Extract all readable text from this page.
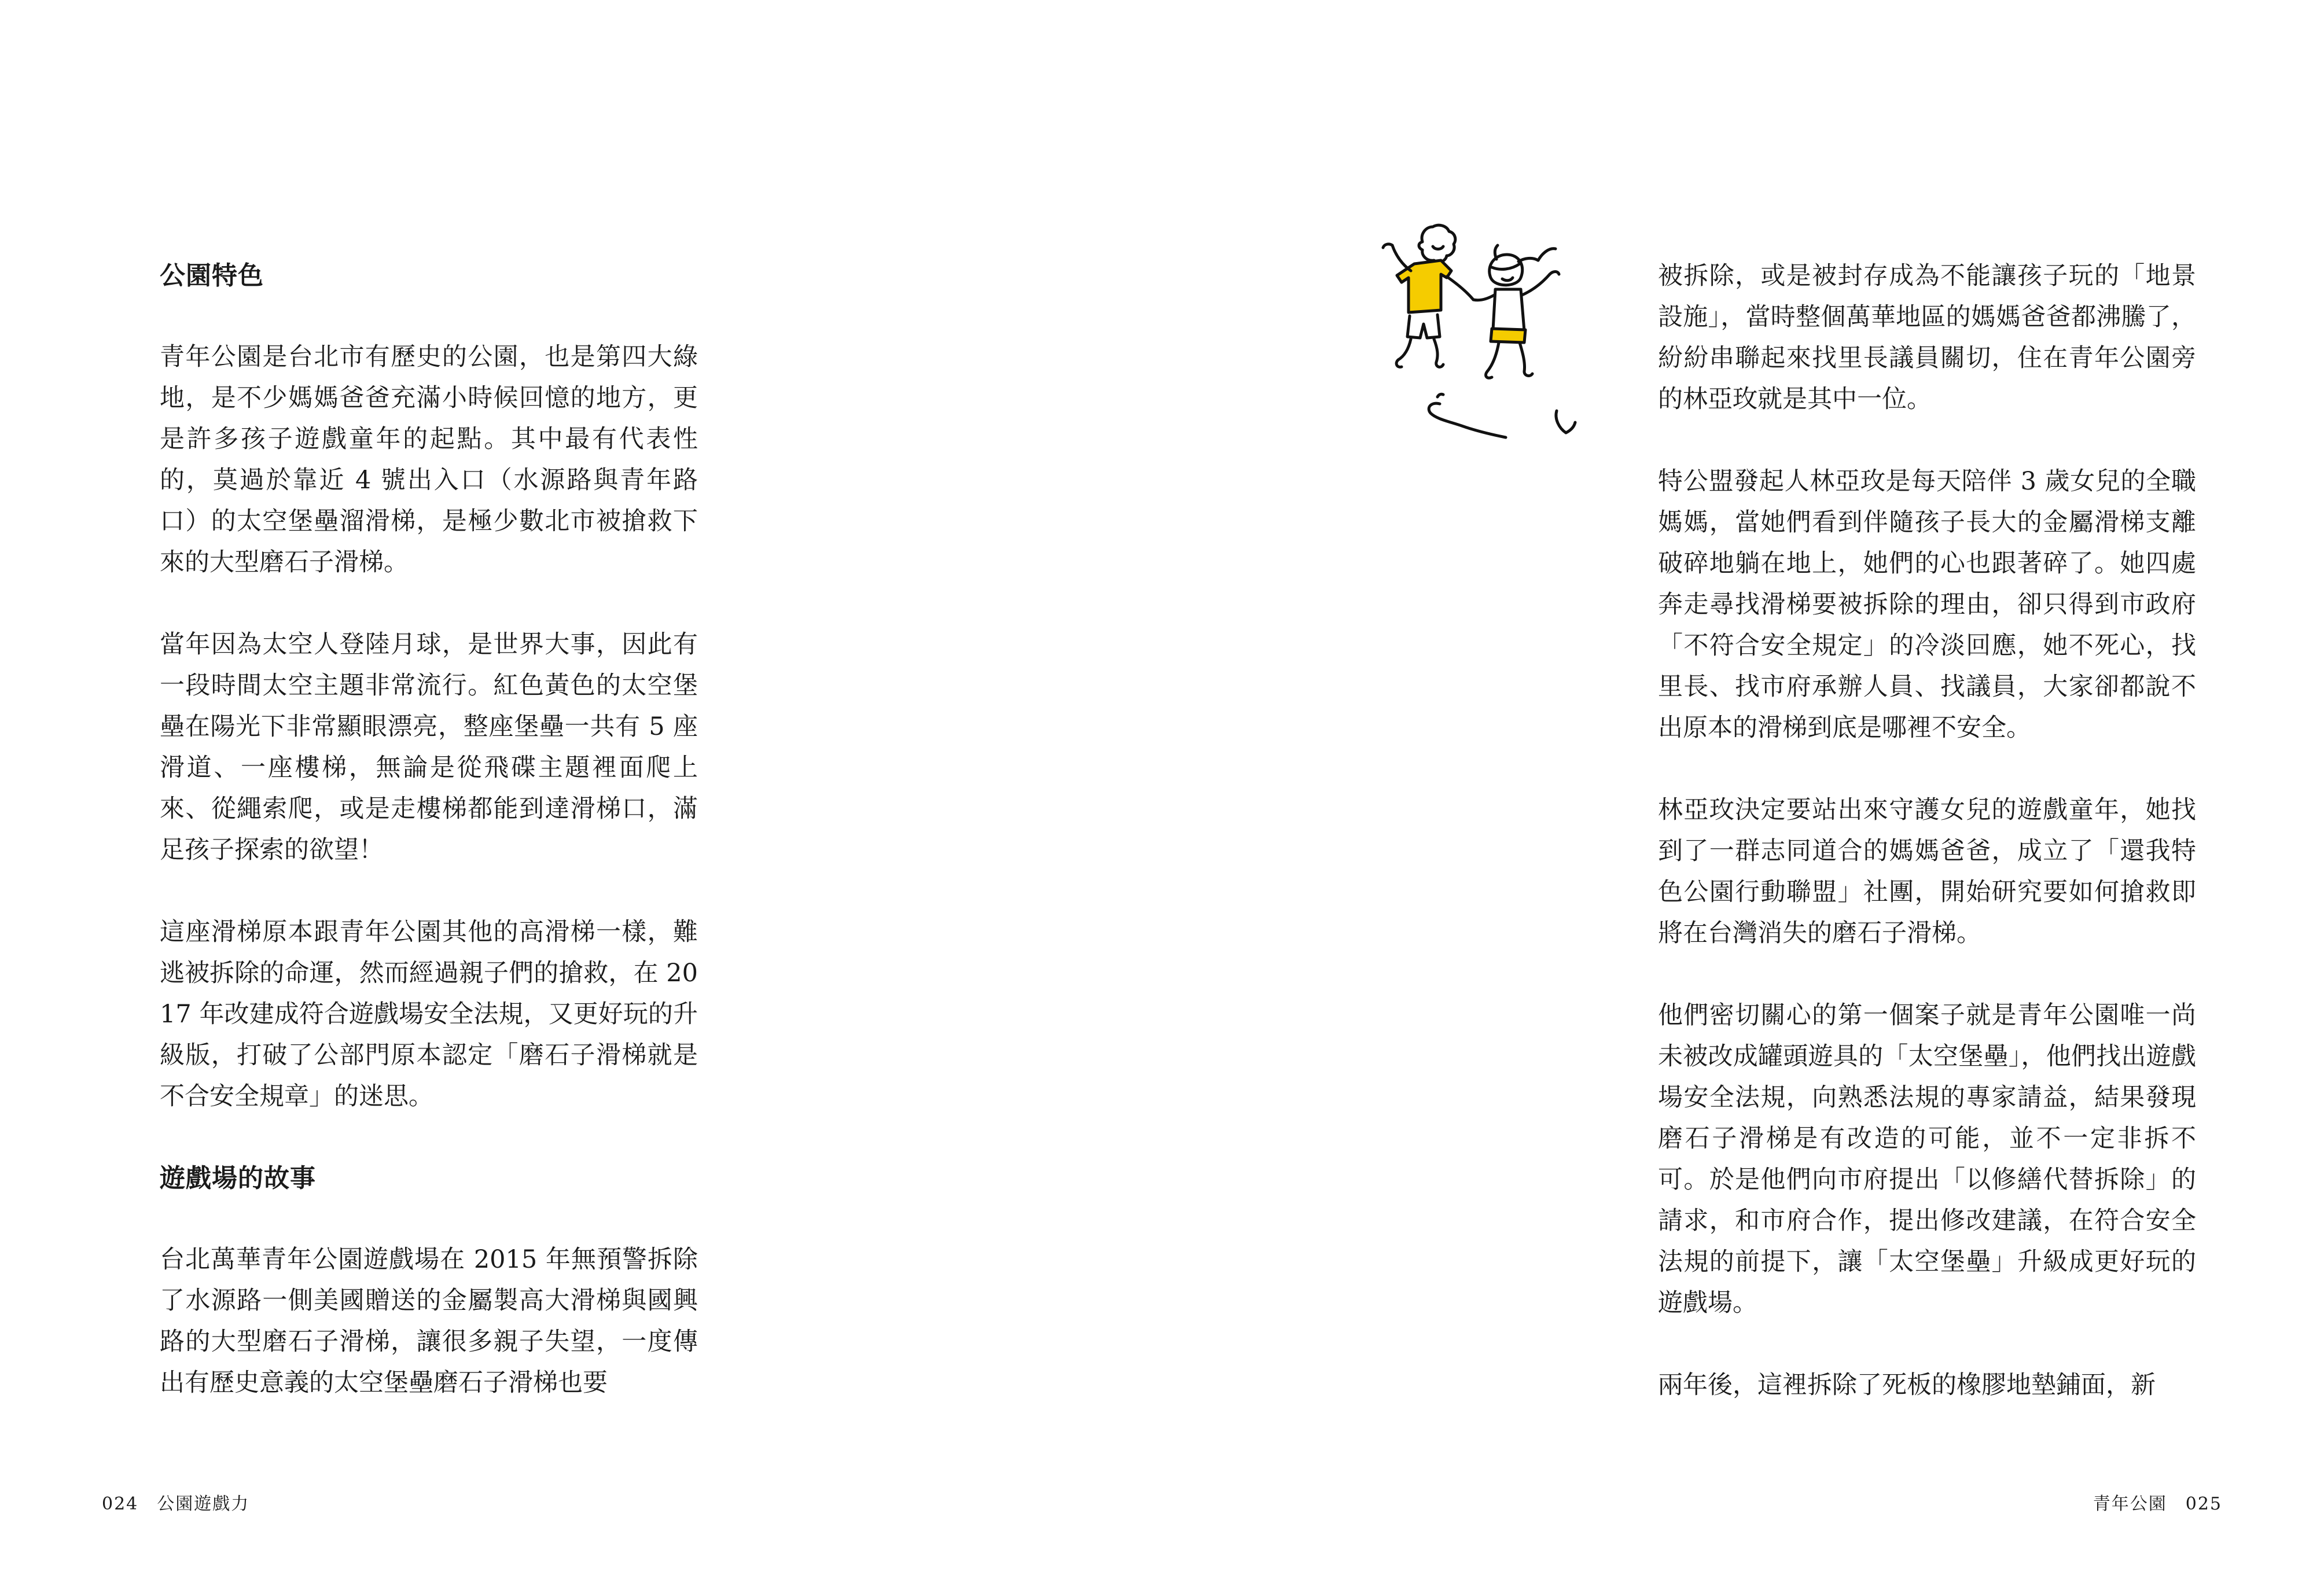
公園特色

青年公園是台北市有歷史的公園，也是第四大綠地，是不少媽媽爸爸充滿小時候回憶的地方，更是許多孩子遊戲童年的起點。其中最有代表性的，莫過於靠近 4 號出入口（水源路與青年路口）的太空堡壘溜滑梯，是極少數北市被搶救下來的大型磨石子滑梯。

當年因為太空人登陸月球，是世界大事，因此有一段時間太空主題非常流行。紅色黃色的太空堡壘在陽光下非常顯眼漂亮，整座堡壘一共有 5 座滑道、一座樓梯，無論是從飛碟主題裡面爬上來、從繩索爬，或是走樓梯都能到達滑梯口，滿足孩子探索的欲望！

這座滑梯原本跟青年公園其他的高滑梯一樣，難逃被拆除的命運，然而經過親子們的搶救，在 2017 年改建成符合遊戲場安全法規，又更好玩的升級版，打破了公部門原本認定「磨石子滑梯就是不合安全規章」的迷思。

遊戲場的故事

台北萬華青年公園遊戲場在 2015 年無預警拆除了水源路一側美國贈送的金屬製高大滑梯與國興路的大型磨石子滑梯，讓很多親子失望，一度傳出有歷史意義的太空堡壘磨石子滑梯也要

024 公園遊戲力

被拆除，或是被封存成為不能讓孩子玩的「地景設施」，當時整個萬華地區的媽媽爸爸都沸騰了，紛紛串聯起來找里長議員關切，住在青年公園旁的林亞玫就是其中一位。

特公盟發起人林亞玫是每天陪伴 3 歲女兒的全職媽媽，當她們看到伴隨孩子長大的金屬滑梯支離破碎地躺在地上，她們的心也跟著碎了。她四處奔走尋找滑梯要被拆除的理由，卻只得到市政府「不符合安全規定」的冷淡回應，她不死心，找里長、找市府承辦人員、找議員，大家卻都說不出原本的滑梯到底是哪裡不安全。

林亞玫決定要站出來守護女兒的遊戲童年，她找到了一群志同道合的媽媽爸爸，成立了「還我特色公園行動聯盟」社團，開始研究要如何搶救即將在台灣消失的磨石子滑梯。

他們密切關心的第一個案子就是青年公園唯一尚未被改成罐頭遊具的「太空堡壘」，他們找出遊戲場安全法規，向熟悉法規的專家請益，結果發現磨石子滑梯是有改造的可能，並不一定非拆不可。於是他們向市府提出「以修繕代替拆除」的請求，和市府合作，提出修改建議，在符合安全法規的前提下，讓「太空堡壘」升級成更好玩的遊戲場。

兩年後，這裡拆除了死板的橡膠地墊鋪面，新

青年公園 025
